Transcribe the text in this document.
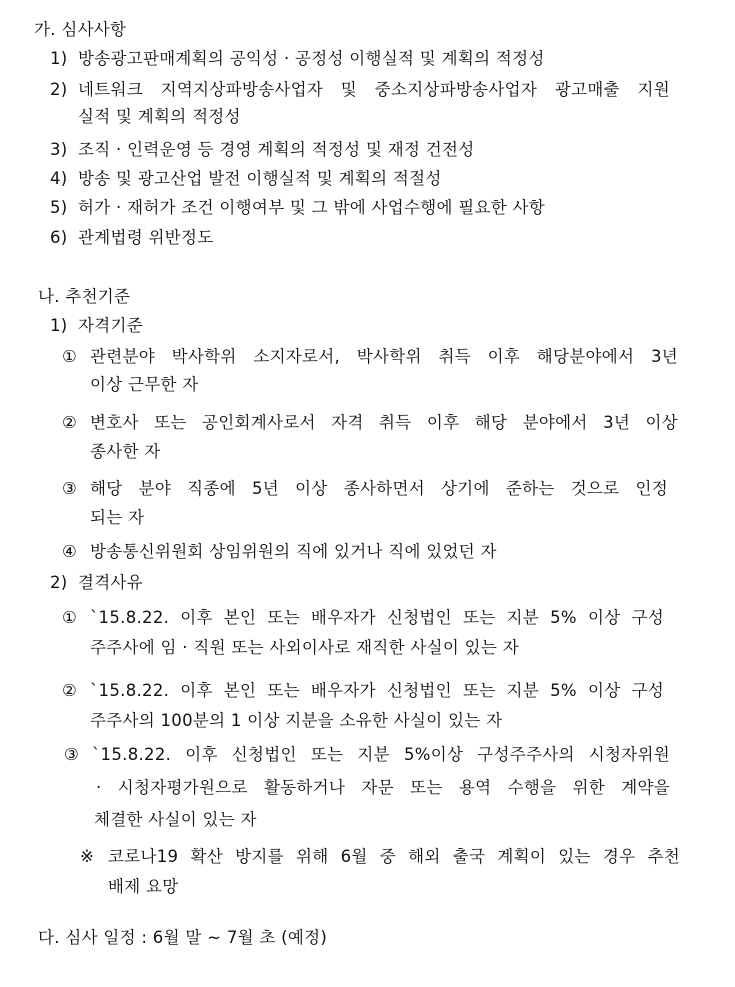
가. 심사사항
1) 방송광고판매계획의 공익성 · 공정성 이행실적 및 계획의 적정성
2) 네트워크 지역지상파방송사업자 및 중소지상파방송사업자 광고매출 지원
실적 및 계획의 적정성
3) 조직 · 인력운영 등 경영 계획의 적정성 및 재정 건전성
4) 방송 및 광고산업 발전 이행실적 및 계획의 적절성
5) 허가 · 재허가 조건 이행여부 및 그 밖에 사업수행에 필요한 사항
6) 관계법령 위반정도
나. 추천기준
1) 자격기준
① 관련분야 박사학위 소지자로서, 박사학위 취득 이후 해당분야에서 3년
이상 근무한 자
② 변호사 또는 공인회계사로서 자격 취득 이후 해당 분야에서 3년 이상
종사한 자
③ 해당 분야 직종에 5년 이상 종사하면서 상기에 준하는 것으로 인정
되는 자
④ 방송통신위원회 상임위원의 직에 있거나 직에 있었던 자
2) 결격사유
① `15.8.22. 이후 본인 또는 배우자가 신청법인 또는 지분 5% 이상 구성
주주사에 임 · 직원 또는 사외이사로 재직한 사실이 있는 자
② `15.8.22. 이후 본인 또는 배우자가 신청법인 또는 지분 5% 이상 구성
주주사의 100분의 1 이상 지분을 소유한 사실이 있는 자
③ `15.8.22. 이후 신청법인 또는 지분 5%이상 구성주주사의 시청자위원
· 시청자평가원으로 활동하거나 자문 또는 용역 수행을 위한 계약을
체결한 사실이 있는 자
※ 코로나19 확산 방지를 위해 6월 중 해외 출국 계획이 있는 경우 추천
배제 요망
다. 심사 일정 : 6월 말 ~ 7월 초 (예정)
